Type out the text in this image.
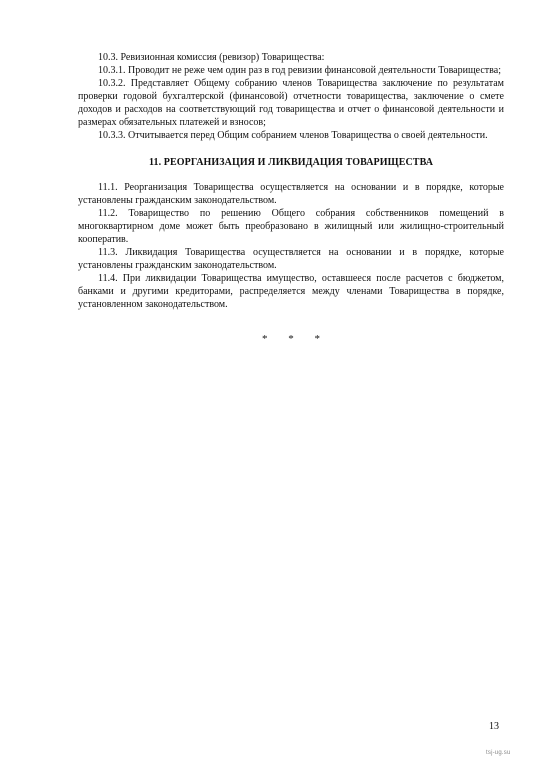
10.3. Ревизионная комиссия (ревизор) Товарищества:

10.3.1. Проводит не реже чем один раз в год ревизии финансовой деятельности Товарищества;

10.3.2. Представляет Общему собранию членов Товарищества заключение по результатам проверки годовой бухгалтерской (финансовой) отчетности товарищества, заключение о смете доходов и расходов на соответствующий год товарищества и отчет о финансовой деятельности и размерах обязательных платежей и взносов;

10.3.3. Отчитывается перед Общим собранием членов Товарищества о своей деятельности.

11. РЕОРГАНИЗАЦИЯ И ЛИКВИДАЦИЯ ТОВАРИЩЕСТВА

11.1. Реорганизация Товарищества осуществляется на основании и в порядке, которые установлены гражданским законодательством.

11.2. Товарищество по решению Общего собрания собственников помещений в многоквартирном доме может быть преобразовано в жилищный или жилищно-строительный кооператив.

11.3. Ликвидация Товарищества осуществляется на основании и в порядке, которые установлены гражданским законодательством.

11.4. При ликвидации Товарищества имущество, оставшееся после расчетов с бюджетом, банками и другими кредиторами, распределяется между членами Товарищества в порядке, установленном законодательством.

* * *
13
tsj-ug.su
